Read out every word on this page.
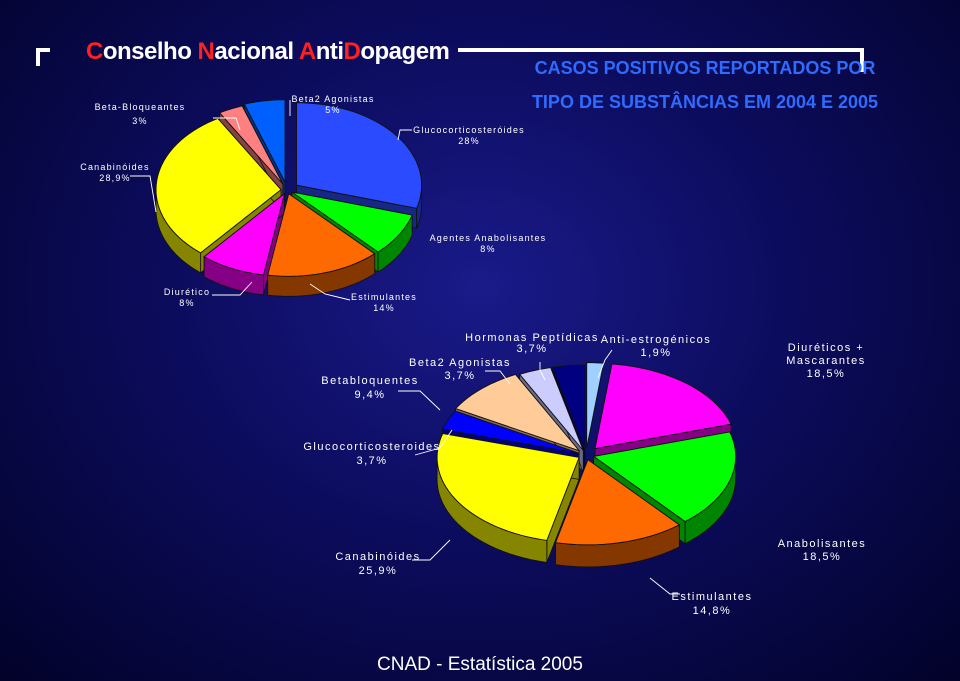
Conselho Nacional AntiDopagem
CASOS POSITIVOS REPORTADOS POR
TIPO DE SUBSTÂNCIAS EM 2004 E 2005
Beta-Bloqueantes
3%
Beta2 Agonistas
5%
Glucocorticosteróides
28%
Canabinóides
28,9%
Agentes Anabolisantes
8%
Diurético
8%
Estimulantes
14%
Hormonas Peptídicas
3,7%
Anti-estrogénicos
1,9%	Diuréticos + Mascarantes
18,5%
Beta2 Agonistas
3,7%
Betabloquentes
9,4%
Glucocorticosteroides
3,7%
Canabinóides
25,9%
Estimulantes
14,8%
Anabolisantes
18,5%
CNAD - Estatística 2005
